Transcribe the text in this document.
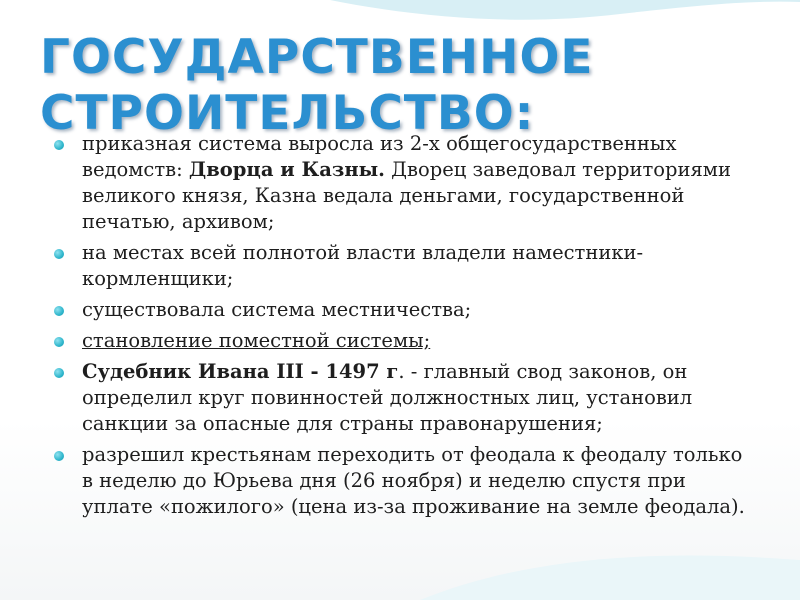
ГОСУДАРСТВЕННОЕ СТРОИТЕЛЬСТВО:
приказная система выросла из 2-х общегосударственных ведомств: Дворца и Казны. Дворец заведовал территориями великого князя, Казна ведала деньгами, государственной печатью, архивом;
на местах всей полнотой власти владели наместники-кормленщики;
существовала система местничества;
становление поместной системы;
Судебник Ивана III - 1497 г. - главный свод законов, он определил круг повинностей должностных лиц, установил санкции за опасные для страны правонарушения;
разрешил крестьянам переходить от феодала к феодалу только в неделю до Юрьева дня (26 ноября) и неделю спустя при уплате «пожилого» (цена из-за проживание на земле феодала).
